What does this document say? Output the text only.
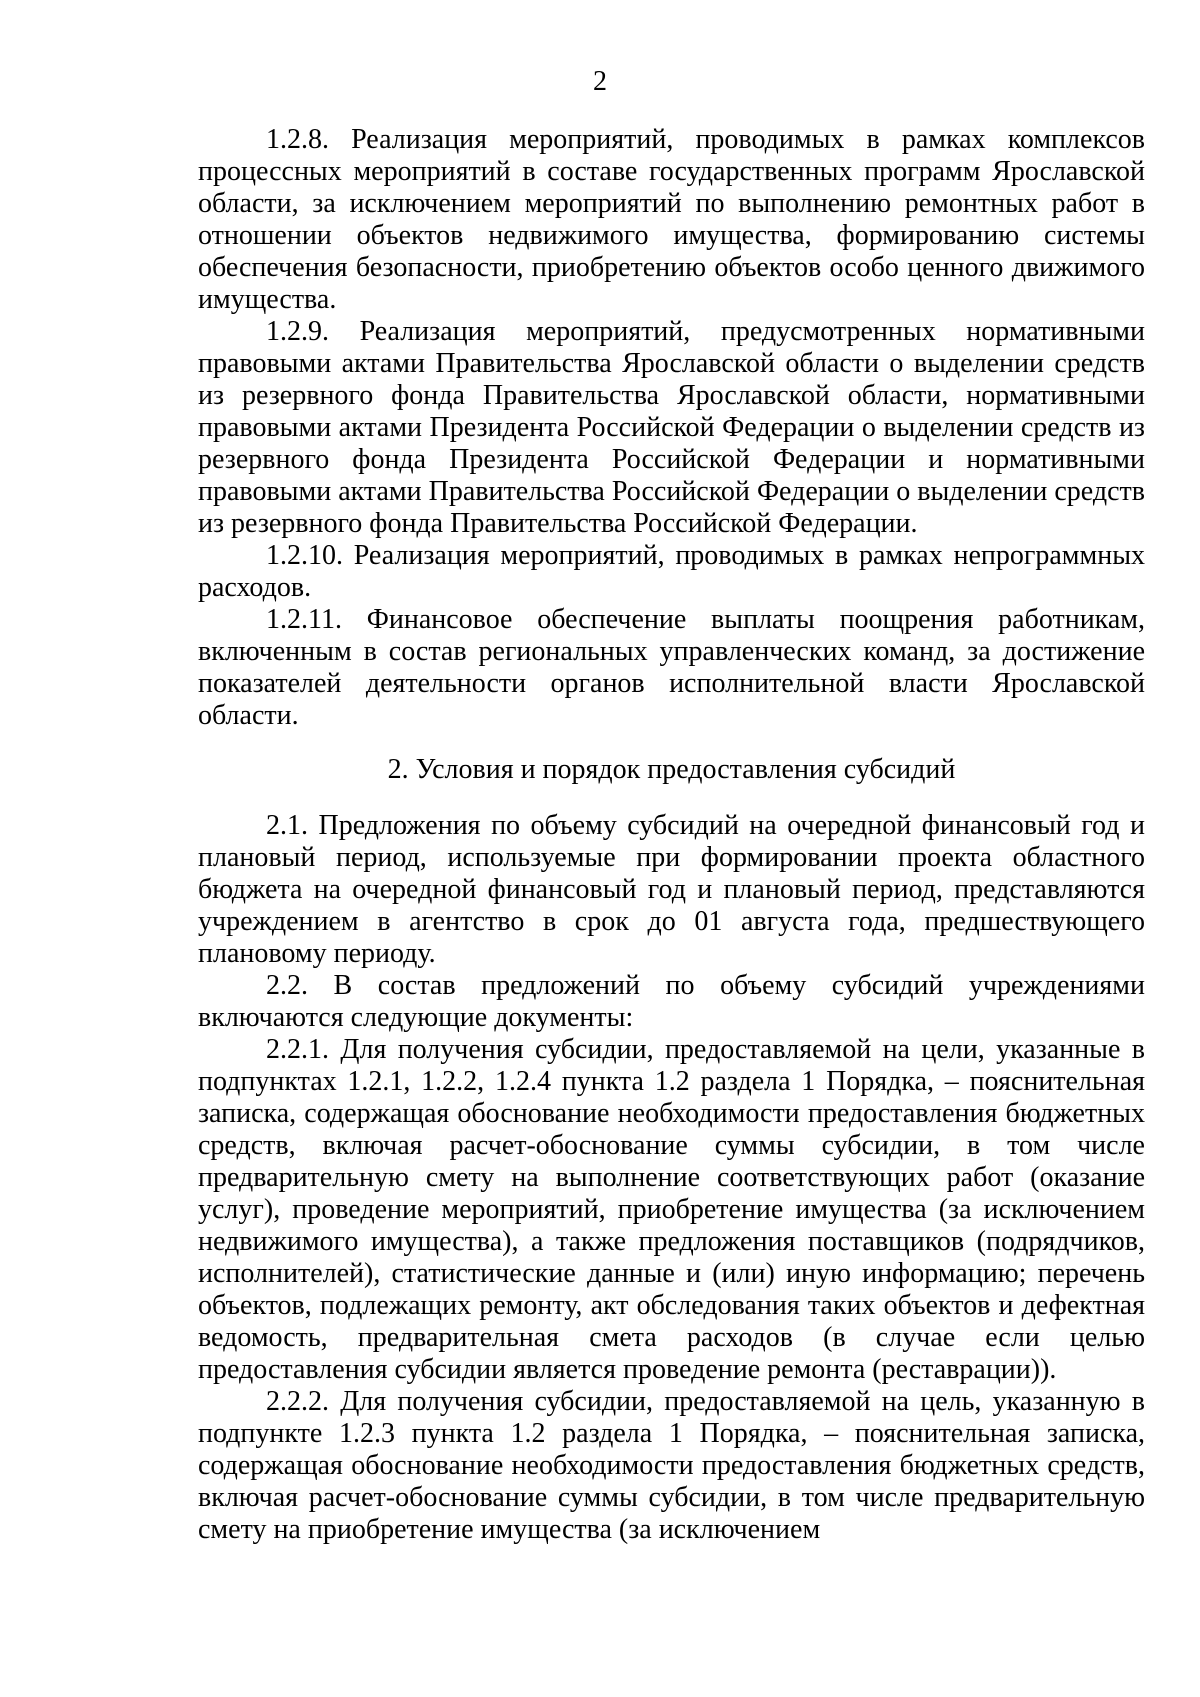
2

1.2.8. Реализация мероприятий, проводимых в рамках комплексов процессных мероприятий в составе государственных программ Ярославской области, за исключением мероприятий по выполнению ремонтных работ в отношении объектов недвижимого имущества, формированию системы обеспечения безопасности, приобретению объектов особо ценного движимого имущества.

1.2.9. Реализация мероприятий, предусмотренных нормативными правовыми актами Правительства Ярославской области о выделении средств из резервного фонда Правительства Ярославской области, нормативными правовыми актами Президента Российской Федерации о выделении средств из резервного фонда Президента Российской Федерации и нормативными правовыми актами Правительства Российской Федерации о выделении средств из резервного фонда Правительства Российской Федерации.

1.2.10. Реализация мероприятий, проводимых в рамках непрограммных расходов.

1.2.11. Финансовое обеспечение выплаты поощрения работникам, включенным в состав региональных управленческих команд, за достижение показателей деятельности органов исполнительной власти Ярославской области.

2. Условия и порядок предоставления субсидий

2.1. Предложения по объему субсидий на очередной финансовый год и плановый период, используемые при формировании проекта областного бюджета на очередной финансовый год и плановый период, представляются учреждением в агентство в срок до 01 августа года, предшествующего плановому периоду.

2.2. В состав предложений по объему субсидий учреждениями включаются следующие документы:

2.2.1. Для получения субсидии, предоставляемой на цели, указанные в подпунктах 1.2.1, 1.2.2, 1.2.4 пункта 1.2 раздела 1 Порядка, – пояснительная записка, содержащая обоснование необходимости предоставления бюджетных средств, включая расчет-обоснование суммы субсидии, в том числе предварительную смету на выполнение соответствующих работ (оказание услуг), проведение мероприятий, приобретение имущества (за исключением недвижимого имущества), а также предложения поставщиков (подрядчиков, исполнителей), статистические данные и (или) иную информацию; перечень объектов, подлежащих ремонту, акт обследования таких объектов и дефектная ведомость, предварительная смета расходов (в случае если целью предоставления субсидии является проведение ремонта (реставрации)).

2.2.2. Для получения субсидии, предоставляемой на цель, указанную в подпункте 1.2.3 пункта 1.2 раздела 1 Порядка, – пояснительная записка, содержащая обоснование необходимости предоставления бюджетных средств, включая расчет-обоснование суммы субсидии, в том числе предварительную смету на приобретение имущества (за исключением
